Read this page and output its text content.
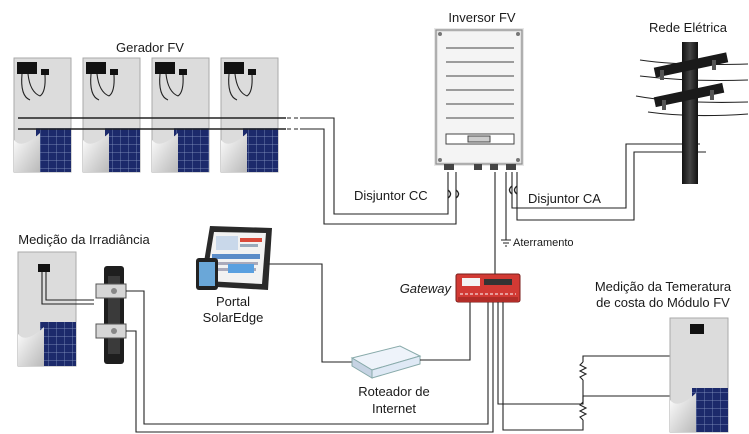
Gerador FV
Disjuntor CC
Inversor FV
Disjuntor CA
Aterramento
Rede Elétrica
Medição da Irradiância
Portal
SolarEdge
Roteador de
Internet
Gateway	Medição da Temeratura
de costa do Módulo FV
